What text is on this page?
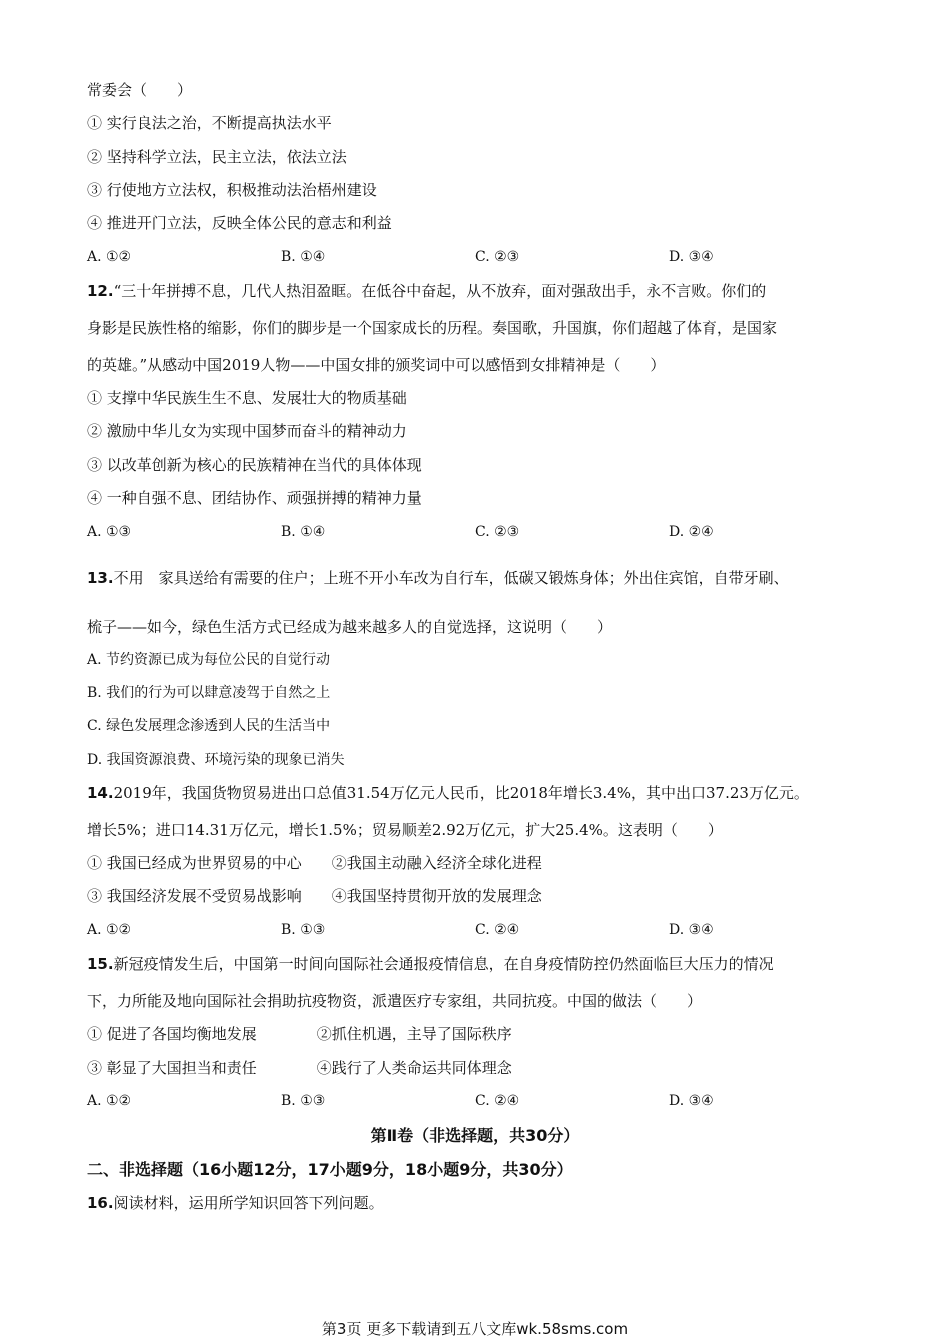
常委会（　　）
① 实行良法之治，不断提高执法水平
② 坚持科学立法，民主立法，依法立法
③ 行使地方立法权，积极推动法治梧州建设
④ 推进开门立法，反映全体公民的意志和利益
A. ①②	B. ①④	C. ②③	D. ③④
12.“三十年拼搏不息，几代人热泪盈眶。在低谷中奋起，从不放弃，面对强敌出手，永不言败。你们的
身影是民族性格的缩影，你们的脚步是一个国家成长的历程。奏国歌，升国旗，你们超越了体育，是国家
的英雄。”从感动中国2019人物——中国女排的颁奖词中可以感悟到女排精神是（　　）
① 支撑中华民族生生不息、发展壮大的物质基础
② 激励中华儿女为实现中国梦而奋斗的精神动力
③ 以改革创新为核心的民族精神在当代的具体体现
④ 一种自强不息、团结协作、顽强拼搏的精神力量
A. ①③	B. ①④	C. ②③	D. ②④
13.不用　家具送给有需要的住户；上班不开小车改为自行车，低碳又锻炼身体；外出住宾馆，自带牙刷、
梳子——如今，绿色生活方式已经成为越来越多人的自觉选择，这说明（　　）
A. 节约资源已成为每位公民的自觉行动
B. 我们的行为可以肆意凌驾于自然之上
C. 绿色发展理念渗透到人民的生活当中
D. 我国资源浪费、环境污染的现象已消失
14.2019年，我国货物贸易进出口总值31.54万亿元人民币，比2018年增长3.4%，其中出口37.23万亿元。
增长5%；进口14.31万亿元，增长1.5%；贸易顺差2.92万亿元，扩大25.4%。这表明（　　）
① 我国已经成为世界贸易的中心　　②我国主动融入经济全球化进程
③ 我国经济发展不受贸易战影响　　④我国坚持贯彻开放的发展理念
A. ①②	B. ①③	C. ②④	D. ③④
15.新冠疫情发生后，中国第一时间向国际社会通报疫情信息，在自身疫情防控仍然面临巨大压力的情况
下，力所能及地向国际社会捐助抗疫物资，派遣医疗专家组，共同抗疫。中国的做法（　　）
① 促进了各国均衡地发展　　　　②抓住机遇，主导了国际秩序
③ 彰显了大国担当和责任　　　　④践行了人类命运共同体理念
A. ①②	B. ①③	C. ②④	D. ③④
第Ⅱ卷（非选择题，共30分）
二、非选择题（16小题12分，17小题9分，18小题9分，共30分）
16.阅读材料，运用所学知识回答下列问题。
第3页 更多下载请到五八文库wk.58sms.com
